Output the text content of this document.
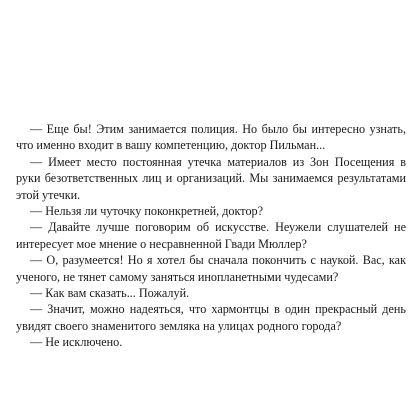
— Еще бы! Этим занимается полиция. Но было бы интересно узнать, что именно входит в вашу компетенцию, доктор Пильман...

— Имеет место постоянная утечка материалов из Зон Посещения в руки безответственных лиц и организаций. Мы занимаемся результатами этой утечки.

— Нельзя ли чуточку поконкретней, доктор?

— Давайте лучше поговорим об искусстве. Неужели слушателей не интересует мое мнение о несравненной Гвади Мюллер?

— О, разумеется! Но я хотел бы сначала покончить с наукой. Вас, как ученого, не тянет самому заняться инопланетными чудесами?

— Как вам сказать... Пожалуй.

— Значит, можно надеяться, что хармонтцы в один прекрасный день увидят своего знаменитого земляка на улицах родного города?

— Не исключено.
